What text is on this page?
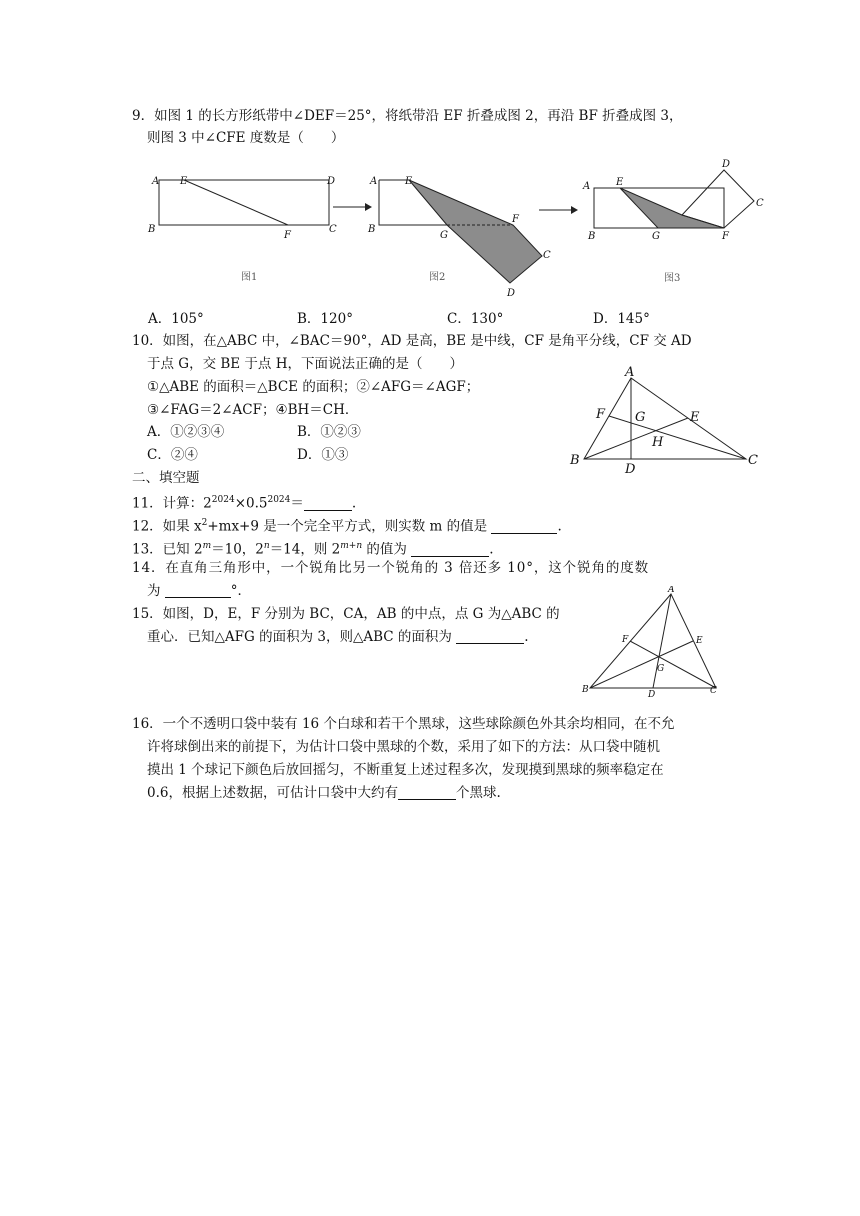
9．如图 1 的长方形纸带中∠DEF＝25°，将纸带沿 EF 折叠成图 2，再沿 BF 折叠成图 3，
则图 3 中∠CFE 度数是（　　）
A E	D
B
F
C
图1
A	E
F
B
G
C
D
图2
A	E
D
C
B	G	F
图3
A．105°	B．120°	C．130°	D．145°
10．如图，在△ABC 中，∠BAC＝90°，AD 是高，BE 是中线，CF 是角平分线，CF 交 AD
于点 G，交 BE 于点 H，下面说法正确的是（　　）
①△ABE 的面积＝△BCE 的面积；②∠AFG＝∠AGF；
③∠FAG＝2∠ACF；④BH＝CH．
A．①②③④	B．①②③
C．②④	D．①③
A
F G	E
H
B
D
C
二、填空题
11．计算：$2^{2024}\times 0.5^{2024}=$	.
12．如果 $x^2+mx+9$ 是一个完全平方式，则实数 m 的值是	.
13．已知 $2^m=10$，$2^n=14$，则 $2^{m+n}$ 的值为	.
14．在直角三角形中，一个锐角比另一个锐角的 3 倍还多 10°，这个锐角的度数
为	°．
15．如图，D，E，F 分别为 BC，CA，AB 的中点，点 G 为△ABC 的
重心．已知△AFG 的面积为 3，则△ABC 的面积为	.
A
F	E
G
B	D	C
16．一个不透明口袋中装有 16 个白球和若干个黑球，这些球除颜色外其余均相同，在不允
许将球倒出来的前提下，为估计口袋中黑球的个数，采用了如下的方法：从口袋中随机
摸出 1 个球记下颜色后放回摇匀，不断重复上述过程多次，发现摸到黑球的频率稳定在
0.6，根据上述数据，可估计口袋中大约有	个黑球.
